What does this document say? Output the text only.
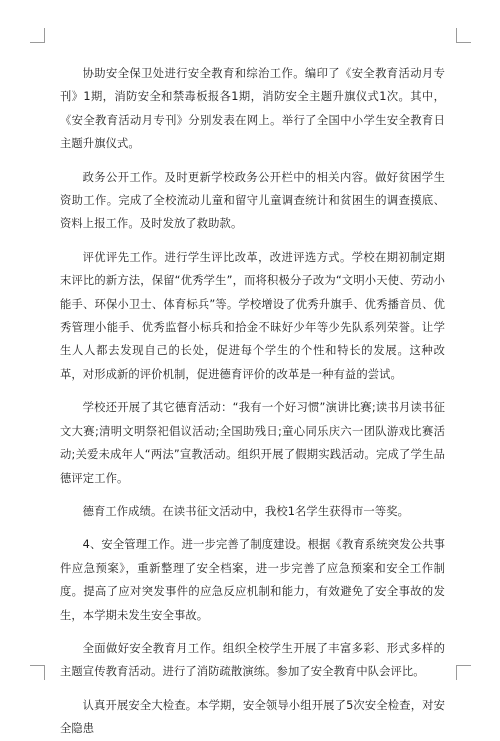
协助安全保卫处进行安全教育和综治工作。编印了《安全教育活动月专刊》1期，消防安全和禁毒板报各1期，消防安全主题升旗仪式1次。其中，《安全教育活动月专刊》分别发表在网上。举行了全国中小学生安全教育日主题升旗仪式。

政务公开工作。及时更新学校政务公开栏中的相关内容。做好贫困学生资助工作。完成了全校流动儿童和留守儿童调查统计和贫困生的调查摸底、资料上报工作。及时发放了救助款。

评优评先工作。进行学生评比改革，改进评选方式。学校在期初制定期末评比的新方法，保留“优秀学生”，而将积极分子改为“文明小天使、劳动小能手、环保小卫士、体育标兵”等。学校增设了优秀升旗手、优秀播音员、优秀管理小能手、优秀监督小标兵和拾金不昧好少年等少先队系列荣誉。让学生人人都去发现自己的长处，促进每个学生的个性和特长的发展。这种改革，对形成新的评价机制，促进德育评价的改革是一种有益的尝试。

学校还开展了其它德育活动：“我有一个好习惯”演讲比赛;读书月读书征文大赛;清明文明祭祀倡议活动;全国助残日;童心同乐庆六一团队游戏比赛活动;关爱未成年人“两法”宣教活动。组织开展了假期实践活动。完成了学生品德评定工作。

德育工作成绩。在读书征文活动中，我校1名学生获得市一等奖。

4、安全管理工作。进一步完善了制度建设。根据《教育系统突发公共事件应急预案》，重新整理了安全档案，进一步完善了应急预案和安全工作制度。提高了应对突发事件的应急反应机制和能力，有效避免了安全事故的发生，本学期未发生安全事故。

全面做好安全教育月工作。组织全校学生开展了丰富多彩、形式多样的主题宣传教育活动。进行了消防疏散演练。参加了安全教育中队会评比。

认真开展安全大检查。本学期，安全领导小组开展了5次安全检查，对安全隐患
